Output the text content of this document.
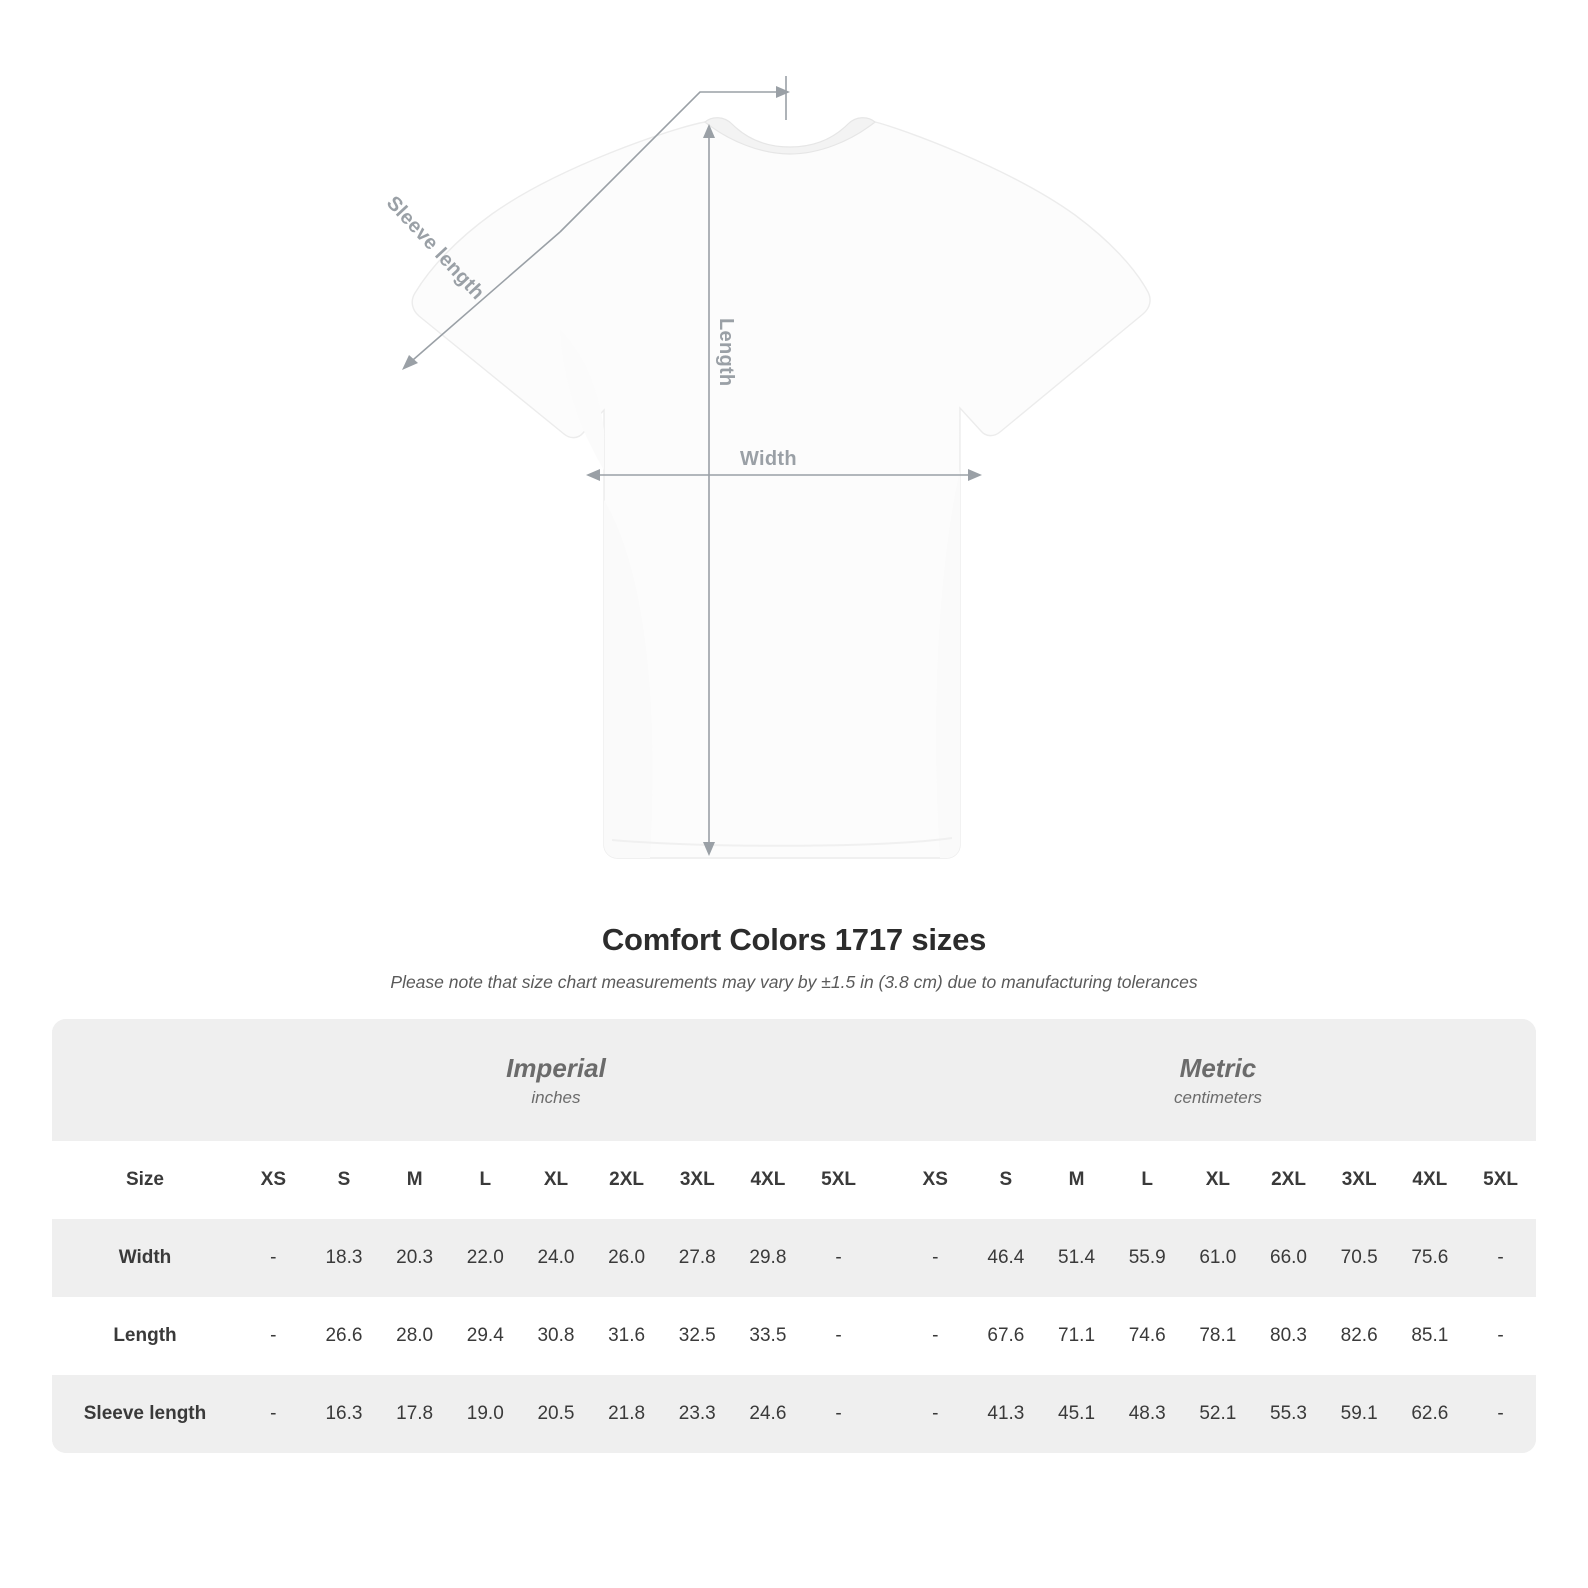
Width
Length
Sleeve length
Comfort Colors 1717 sizes
Please note that size chart measurements may vary by ±1.5 in (3.8 cm) due to manufacturing tolerances

Imperial
inches

Metric
centimeters

Size	XS	S	M	L	XL	2XL	3XL	4XL	5XL		XS	S	M	L	XL	2XL	3XL	4XL	5XL
Width	-	18.3	20.3	22.0	24.0	26.0	27.8	29.8	-		-	46.4	51.4	55.9	61.0	66.0	70.5	75.6	-
Length	-	26.6	28.0	29.4	30.8	31.6	32.5	33.5	-		-	67.6	71.1	74.6	78.1	80.3	82.6	85.1	-
Sleeve length	-	16.3	17.8	19.0	20.5	21.8	23.3	24.6	-		-	41.3	45.1	48.3	52.1	55.3	59.1	62.6	-
